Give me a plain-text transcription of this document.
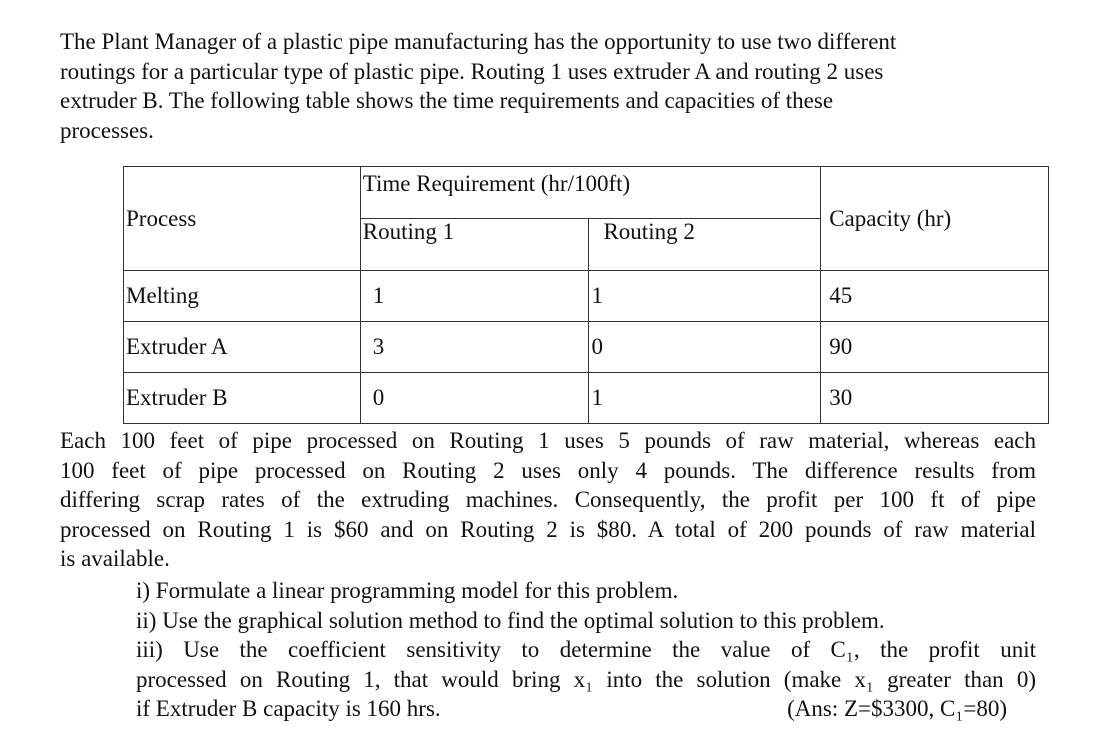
The Plant Manager of a plastic pipe manufacturing has the opportunity to use two different
routings for a particular type of plastic pipe. Routing 1 uses extruder A and routing 2 uses
extruder B. The following table shows the time requirements and capacities of these
processes.
Process	Time Requirement (hr/100ft)		Capacity (hr)
	Routing 1	Routing 2	
Melting	1	1	45
Extruder A	3	0	90
Extruder B	0	1	30
Each 100 feet of pipe processed on Routing 1 uses 5 pounds of raw material, whereas each
100 feet of pipe processed on Routing 2 uses only 4 pounds. The difference results from
differing scrap rates of the extruding machines. Consequently, the profit per 100 ft of pipe
processed on Routing 1 is $60 and on Routing 2 is $80. A total of 200 pounds of raw material
is available.
i) Formulate a linear programming model for this problem.
ii) Use the graphical solution method to find the optimal solution to this problem.
iii) Use the coefficient sensitivity to determine the value of C₁, the profit unit
processed on Routing 1, that would bring x₁ into the solution (make x₁ greater than 0)
if Extruder B capacity is 160 hrs.	(Ans: Z=$3300, C₁=80)
